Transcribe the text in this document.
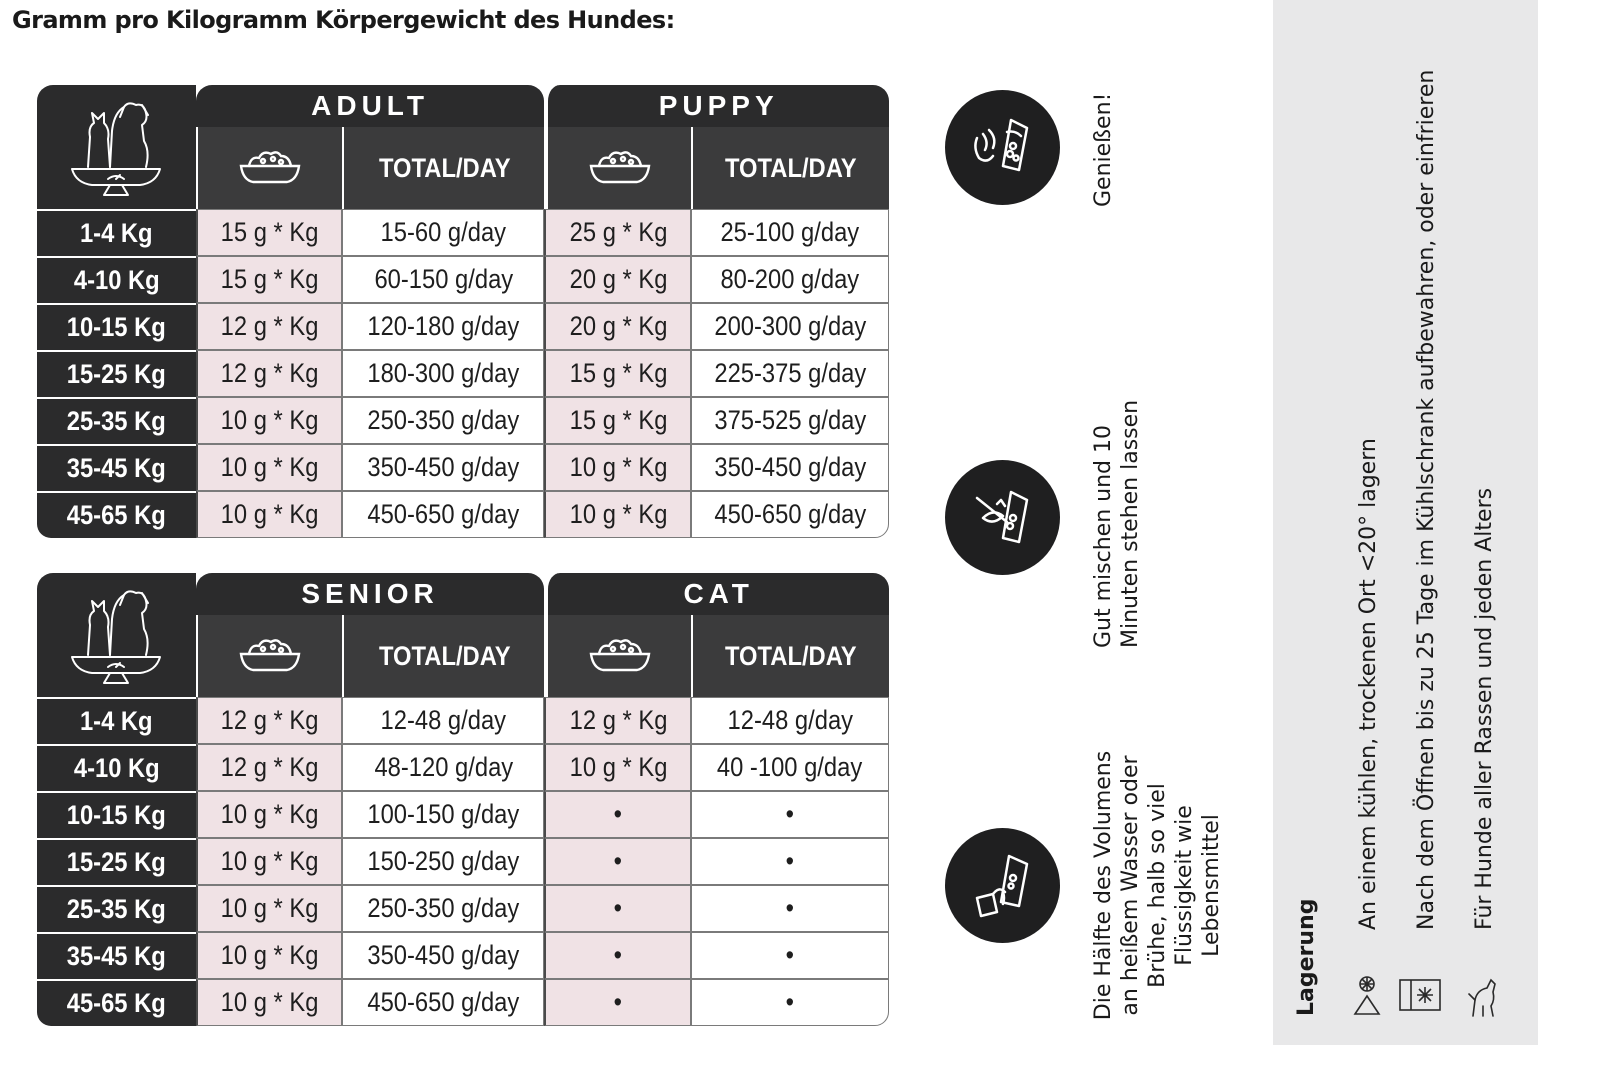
Gramm pro Kilogramm Körpergewicht des Hundes:
	ADULT		PUPPY	
	TOTAL/DAY		TOTAL/DAY
1-4 Kg	15 g * Kg	15-60 g/day	25 g * Kg	25-100 g/day
4-10 Kg	15 g * Kg	60-150 g/day	20 g * Kg	80-200 g/day
10-15 Kg	12 g * Kg	120-180 g/day	20 g * Kg	200-300 g/day
15-25 Kg	12 g * Kg	180-300 g/day	15 g * Kg	225-375 g/day
25-35 Kg	10 g * Kg	250-350 g/day	15 g * Kg	375-525 g/day
35-45 Kg	10 g * Kg	350-450 g/day	10 g * Kg	350-450 g/day
45-65 Kg	10 g * Kg	450-650 g/day	10 g * Kg	450-650 g/day
	SENIOR		CAT	
	TOTAL/DAY		TOTAL/DAY
1-4 Kg	12 g * Kg	12-48 g/day	12 g * Kg	12-48 g/day
4-10 Kg	12 g * Kg	48-120 g/day	10 g * Kg	40 -100 g/day
10-15 Kg	10 g * Kg	100-150 g/day	•	•
15-25 Kg	10 g * Kg	150-250 g/day	•	•
25-35 Kg	10 g * Kg	250-350 g/day	•	•
35-45 Kg	10 g * Kg	350-450 g/day	•	•
45-65 Kg	10 g * Kg	450-650 g/day	•	•
Genießen!
Gut mischen und 10 Minuten stehen lassen
Die Hälfte des Volumens an heißem Wasser oder Brühe, halb so viel Flüssigkeit wie Lebensmittel
Lagerung
An einem kühlen, trockenen Ort <20° lagern Nach dem Öffnen bis zu 25 Tage im Kühlschrank aufbewahren, oder einfrieren Für Hunde aller Rassen und jeden Alters
